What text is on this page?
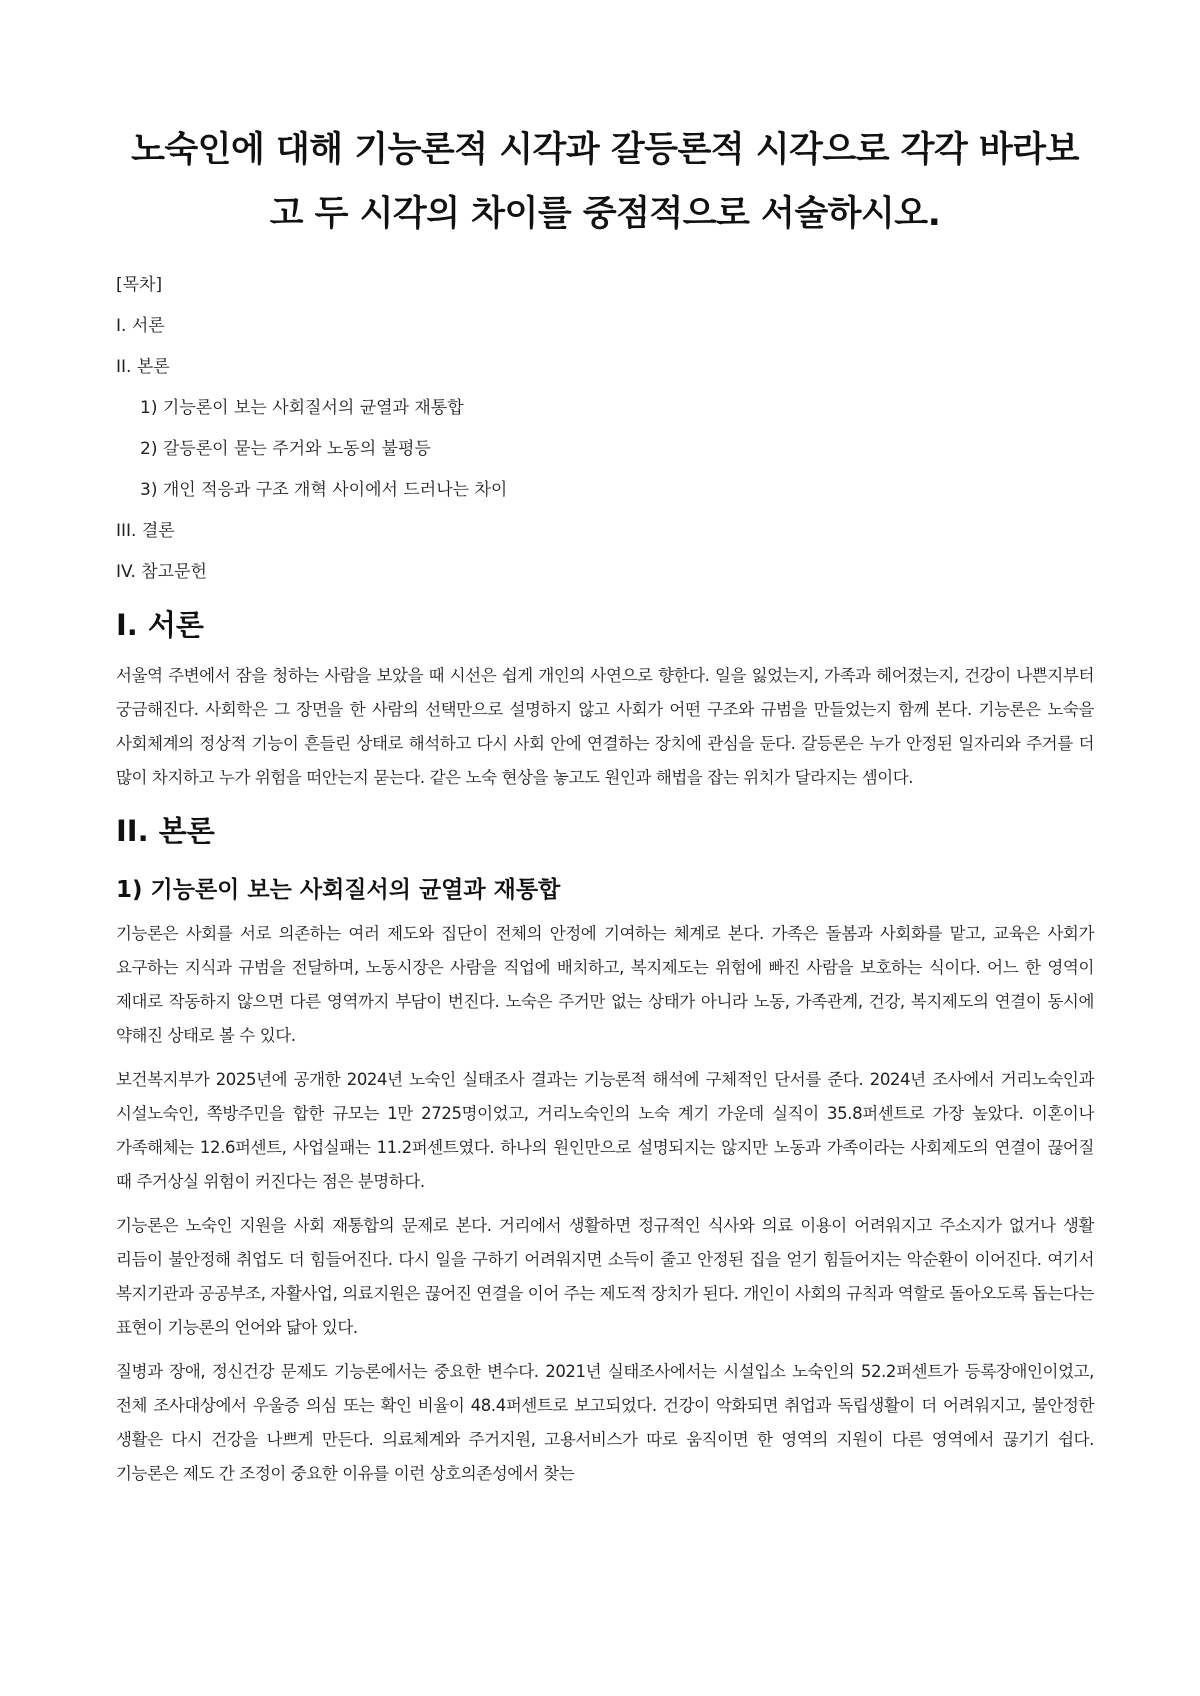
노숙인에 대해 기능론적 시각과 갈등론적 시각으로 각각 바라보고 두 시각의 차이를 중점적으로 서술하시오.
[목차]
I. 서론
II. 본론
1) 기능론이 보는 사회질서의 균열과 재통합
2) 갈등론이 묻는 주거와 노동의 불평등
3) 개인 적응과 구조 개혁 사이에서 드러나는 차이
III. 결론
IV. 참고문헌
I. 서론

서울역 주변에서 잠을 청하는 사람을 보았을 때 시선은 쉽게 개인의 사연으로 향한다. 일을 잃었는지, 가족과 헤어졌는지, 건강이 나쁜지부터 궁금해진다. 사회학은 그 장면을 한 사람의 선택만으로 설명하지 않고 사회가 어떤 구조와 규범을 만들었는지 함께 본다. 기능론은 노숙을 사회체계의 정상적 기능이 흔들린 상태로 해석하고 다시 사회 안에 연결하는 장치에 관심을 둔다. 갈등론은 누가 안정된 일자리와 주거를 더 많이 차지하고 누가 위험을 떠안는지 묻는다. 같은 노숙 현상을 놓고도 원인과 해법을 잡는 위치가 달라지는 셈이다.

II. 본론
1) 기능론이 보는 사회질서의 균열과 재통합

기능론은 사회를 서로 의존하는 여러 제도와 집단이 전체의 안정에 기여하는 체계로 본다. 가족은 돌봄과 사회화를 맡고, 교육은 사회가 요구하는 지식과 규범을 전달하며, 노동시장은 사람을 직업에 배치하고, 복지제도는 위험에 빠진 사람을 보호하는 식이다. 어느 한 영역이 제대로 작동하지 않으면 다른 영역까지 부담이 번진다. 노숙은 주거만 없는 상태가 아니라 노동, 가족관계, 건강, 복지제도의 연결이 동시에 약해진 상태로 볼 수 있다.

보건복지부가 2025년에 공개한 2024년 노숙인 실태조사 결과는 기능론적 해석에 구체적인 단서를 준다. 2024년 조사에서 거리노숙인과 시설노숙인, 쪽방주민을 합한 규모는 1만 2725명이었고, 거리노숙인의 노숙 계기 가운데 실직이 35.8퍼센트로 가장 높았다. 이혼이나 가족해체는 12.6퍼센트, 사업실패는 11.2퍼센트였다. 하나의 원인만으로 설명되지는 않지만 노동과 가족이라는 사회제도의 연결이 끊어질 때 주거상실 위험이 커진다는 점은 분명하다.

기능론은 노숙인 지원을 사회 재통합의 문제로 본다. 거리에서 생활하면 정규적인 식사와 의료 이용이 어려워지고 주소지가 없거나 생활 리듬이 불안정해 취업도 더 힘들어진다. 다시 일을 구하기 어려워지면 소득이 줄고 안정된 집을 얻기 힘들어지는 악순환이 이어진다. 여기서 복지기관과 공공부조, 자활사업, 의료지원은 끊어진 연결을 이어 주는 제도적 장치가 된다. 개인이 사회의 규칙과 역할로 돌아오도록 돕는다는 표현이 기능론의 언어와 닮아 있다.

질병과 장애, 정신건강 문제도 기능론에서는 중요한 변수다. 2021년 실태조사에서는 시설입소 노숙인의 52.2퍼센트가 등록장애인이었고, 전체 조사대상에서 우울증 의심 또는 확인 비율이 48.4퍼센트로 보고되었다. 건강이 악화되면 취업과 독립생활이 더 어려워지고, 불안정한 생활은 다시 건강을 나쁘게 만든다. 의료체계와 주거지원, 고용서비스가 따로 움직이면 한 영역의 지원이 다른 영역에서 끊기기 쉽다. 기능론은 제도 간 조정이 중요한 이유를 이런 상호의존성에서 찾는
